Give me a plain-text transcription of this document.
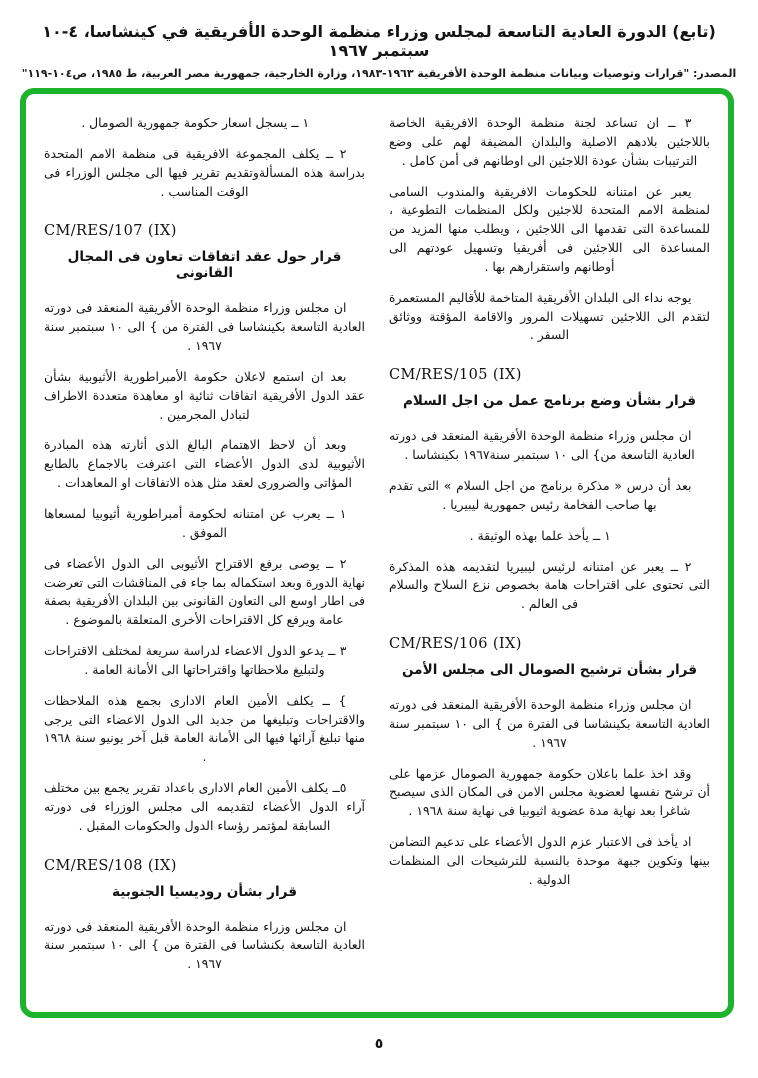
(تابع) الدورة العادية التاسعة لمجلس وزراء منظمة الوحدة الأفريقية في كينشاسا، ٤-١٠ سبتمبر ١٩٦٧
المصدر: "قرارات وتوصيات وبيانات منظمة الوحدة الأفريقية ١٩٦٣-١٩٨٣، وزارة الخارجية، جمهورية مصر العربية، ط ١٩٨٥، ص١٠٤-١١٩"
٣ ــ ان تساعد لجنة منظمة الوحدة الافريقية الخاصة باللاجئين بلادهم الاصلية والبلدان المضيفة لهم على وضع الترتيبات بشأن عودة اللاجئين الى اوطانهم فى أمن كامل .
يعبر عن امتنانه للحكومات الافريقية والمندوب السامى لمنظمة الامم المتحدة للاجئين ولكل المنظمات التطوعية ، للمساعدة التى تقدمها الى اللاجئين ، ويطلب منها المزيد من المساعدة الى اللاجئين فى أفريقيا وتسهيل عودتهم الى أوطانهم واستقرارهم بها .
يوجه نداء الى البلدان الأفريقية المتاخمة للأقاليم المستعمرة لتقدم الى اللاجئين تسهيلات المرور والاقامة المؤقتة ووثائق السفر .
CM/RES/105 (IX)
قرار بشأن وضع برنامج عمل من اجل السلام
ان مجلس وزراء منظمة الوحدة الأفريقية المنعقد فى دورته العادية التاسعة من} الى ١٠ سبتمبر سنة١٩٦٧ بكينشاسا .
بعد أن درس « مذكرة برنامج من اجل السلام » التى تقدم بها صاحب الفخامة رئيس جمهورية ليبيريا .
١ ــ يأخذ علما بهذه الوثيقة .
٢ ــ يعبر عن امتنانه لرئيس ليبيريا لتقديمه هذه المذكرة التى تحتوى على اقتراحات هامة بخصوص نزع السلاح والسلام فى العالم .
CM/RES/106 (IX)
قرار بشأن ترشيح الصومال الى مجلس الأمن
ان مجلس وزراء منظمة الوحدة الأفريقية المنعقد فى دورته العادية التاسعة بكينشاسا فى الفترة من } الى ١٠ سبتمبر سنة ١٩٦٧ .
وقد اخذ علما باعلان حكومة جمهورية الصومال عزمها على أن ترشح نفسها لعضوية مجلس الامن فى المكان الذى سيصبح شاغرا بعد نهاية مدة عضوية اثيوبيا فى نهاية سنة ١٩٦٨ .
اد يأخذ فى الاعتبار عزم الدول الأعضاء على تدعيم التضامن بينها وتكوين جبهة موحدة بالنسبة للترشيحات الى المنظمات الدولية .
١ ــ يسجل اسعار حكومة جمهورية الصومال .
٢ ــ يكلف المجموعة الافريقية فى منظمة الامم المتحدة بدراسة هذه المسألةوتقديم تقرير فيها الى مجلس الوزراء فى الوقت المناسب .
CM/RES/107 (IX)
قرار حول عقد اتفاقات تعاون فى المجال القانونى
ان مجلس وزراء منظمة الوحدة الأفريقية المنعقد فى دورته العادية التاسعة بكينشاسا فى الفترة من } الى ١٠ سبتمبر سنة ١٩٦٧ .
بعد ان استمع لاعلان حكومة الأمبراطورية الأثيوبية بشأن عقد الدول الأفريقية اتفاقات ثنائية او معاهدة متعددة الاطراف لتبادل المجرمين .
وبعد أن لاحظ الاهتمام البالغ الذى أثارته هذه المبادرة الأثيوبية لدى الدول الأعضاء التى اعترفت بالاجماع بالطابع المؤاتى والضرورى لعقد مثل هذه الاتفاقات او المعاهدات .
١ ــ يعرب عن امتنانه لحكومة أمبراطورية أثيوبيا لمسعاها الموفق .
٢ ــ يوصى برفع الاقتراح الأثيوبى الى الدول الأعضاء فى نهاية الدورة وبعد استكماله بما جاء فى المناقشات التى تعرضت فى اطار اوسع الى التعاون القانونى بين البلدان الأفريقية بصفة عامة ويرفع كل الاقتراحات الأخرى المتعلقة بالموضوع .
٣ ــ يدعو الدول الاعضاء لدراسة سريعة لمختلف الاقتراحات ولتبليغ ملاحظاتها واقتراحاتها الى الأمانة العامة .
} ــ يكلف الأمين العام الادارى بجمع هذه الملاحظات والاقتراحات وتبليغها من جديد الى الدول الاعضاء التى يرجى منها تبليغ آرائها فيها الى الأمانة العامة قبل آخر يونيو سنة ١٩٦٨ .
٥ــ يكلف الأمين العام الادارى باعداد تقرير يجمع بين مختلف آراء الدول الأعضاء لتقديمه الى مجلس الوزراء فى دورته السابقة لمؤتمر رؤساء الدول والحكومات المقبل .
CM/RES/108 (IX)
قرار بشأن روديسيا الجنوبية
ان مجلس وزراء منظمة الوحدة الأفريقية المنعقد فى دورته العادية التاسعة بكنشاسا فى الفترة من } الى ١٠ سبتمبر سنة ١٩٦٧ .
٥
